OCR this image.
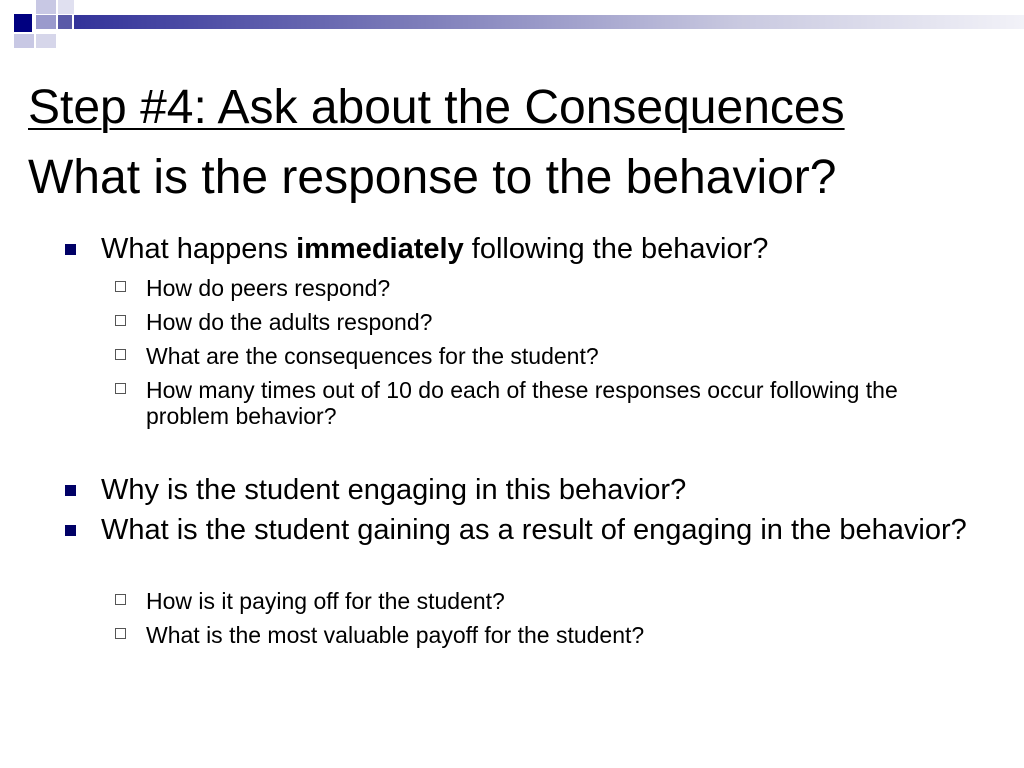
Step #4: Ask about the Consequences
What is the response to the behavior?
What happens immediately following the behavior?
How do peers respond?
How do the adults respond?
What are the consequences for the student?
How many times out of 10 do each of these responses occur following the problem behavior?
Why is the student engaging in this behavior?
What is the student gaining as a result of engaging in the behavior?
How is it paying off for the student?
What is the most valuable payoff for the student?
